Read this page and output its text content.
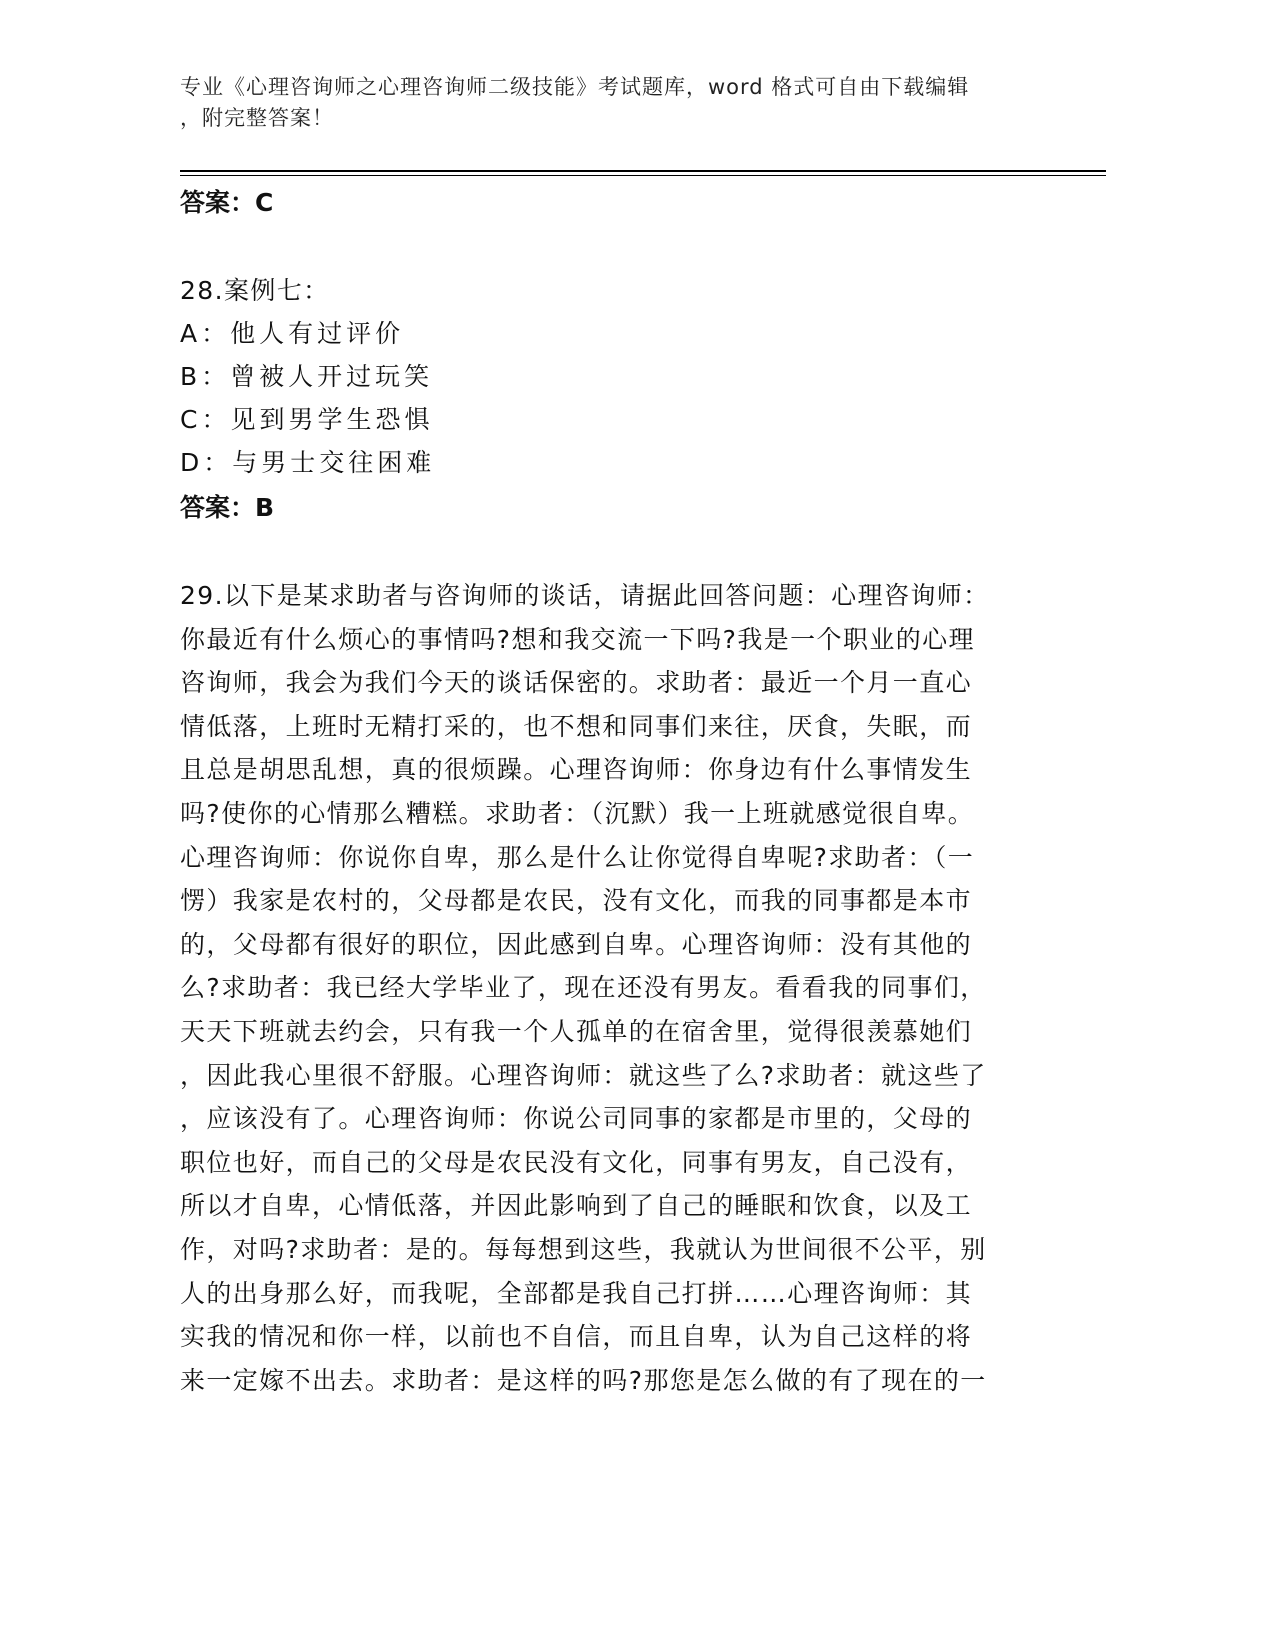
专业《心理咨询师之心理咨询师二级技能》考试题库，word 格式可自由下载编辑
，附完整答案！
答案：C
28.案例七：
A：他人有过评价
B：曾被人开过玩笑
C：见到男学生恐惧
D：与男士交往困难
答案：B
29.以下是某求助者与咨询师的谈话，请据此回答问题：心理咨询师：
你最近有什么烦心的事情吗?想和我交流一下吗?我是一个职业的心理
咨询师，我会为我们今天的谈话保密的。求助者：最近一个月一直心
情低落，上班时无精打采的，也不想和同事们来往，厌食，失眠，而
且总是胡思乱想，真的很烦躁。心理咨询师：你身边有什么事情发生
吗?使你的心情那么糟糕。求助者：（沉默）我一上班就感觉很自卑。
心理咨询师：你说你自卑，那么是什么让你觉得自卑呢?求助者：（一
愣）我家是农村的，父母都是农民，没有文化，而我的同事都是本市
的，父母都有很好的职位，因此感到自卑。心理咨询师：没有其他的
么?求助者：我已经大学毕业了，现在还没有男友。看看我的同事们，
天天下班就去约会，只有我一个人孤单的在宿舍里，觉得很羡慕她们
，因此我心里很不舒服。心理咨询师：就这些了么?求助者：就这些了
，应该没有了。心理咨询师：你说公司同事的家都是市里的，父母的
职位也好，而自己的父母是农民没有文化，同事有男友，自己没有，
所以才自卑，心情低落，并因此影响到了自己的睡眠和饮食，以及工
作，对吗?求助者：是的。每每想到这些，我就认为世间很不公平，别
人的出身那么好，而我呢，全部都是我自己打拼……心理咨询师：其
实我的情况和你一样，以前也不自信，而且自卑，认为自己这样的将
来一定嫁不出去。求助者：是这样的吗?那您是怎么做的有了现在的一
